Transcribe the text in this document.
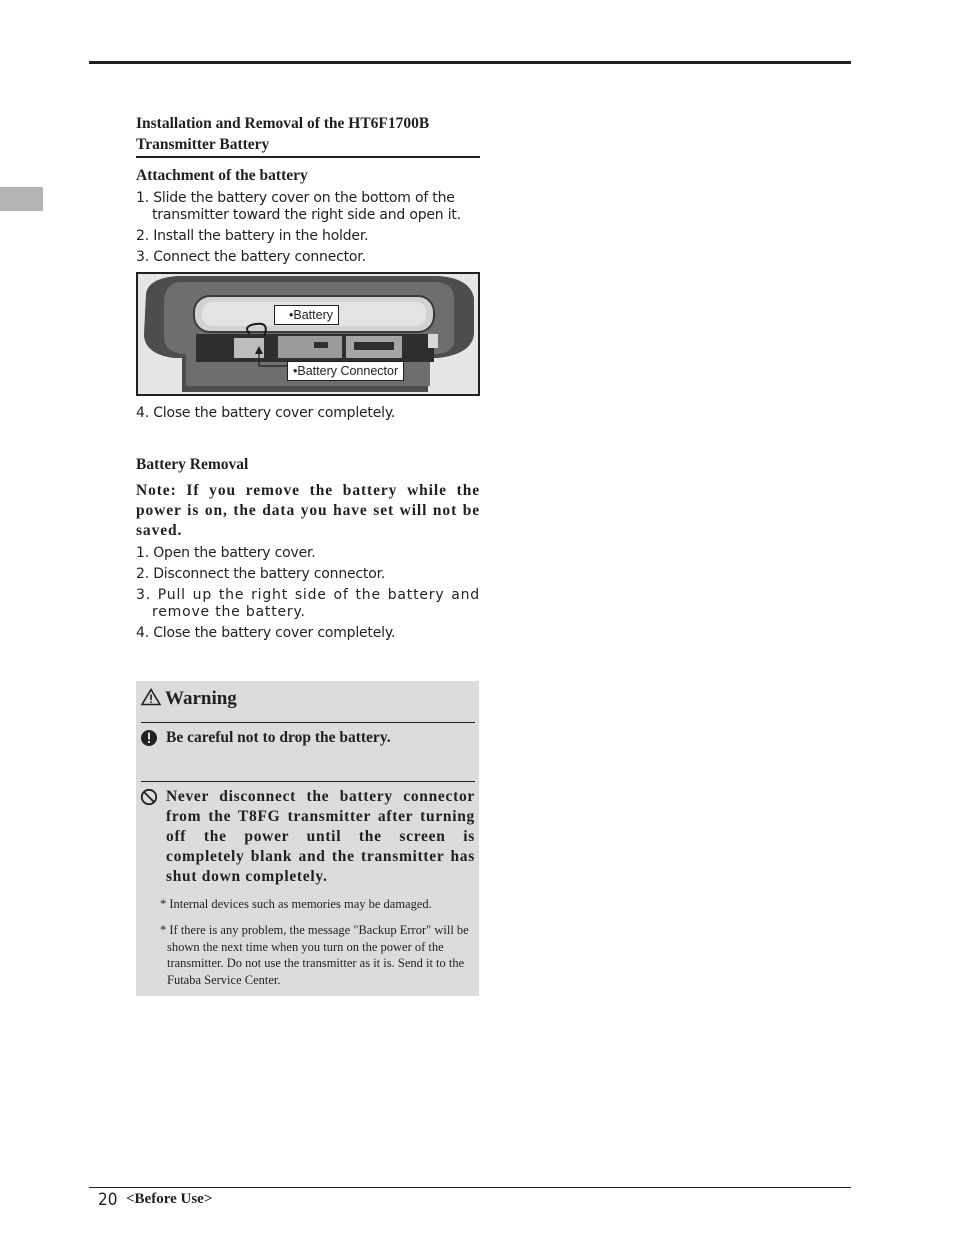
Installation and Removal of the HT6F1700B Transmitter Battery
Attachment of the battery
1. Slide the battery cover on the bottom of the transmitter toward the right side and open it.
2. Install the battery in the holder.
3. Connect the battery connector.
•Battery
•Battery Connector
4. Close the battery cover completely.
Battery Removal
Note: If you remove the battery while the power is on, the data you have set will not be saved.
1. Open the battery cover.
2. Disconnect the battery connector.
3. Pull up the right side of the battery and remove the battery.
4. Close the battery cover completely.
Warning
Be careful not to drop the battery.
Never disconnect the battery connector from the T8FG transmitter after turning off the power until the screen is completely blank and the transmitter has shut down completely.
* Internal devices such as memories may be damaged.
* If there is any problem, the message "Backup Error" will be shown the next time when you turn on the power of the transmitter. Do not use the transmitter as it is. Send it to the Futaba Service Center.
20 <Before Use>
